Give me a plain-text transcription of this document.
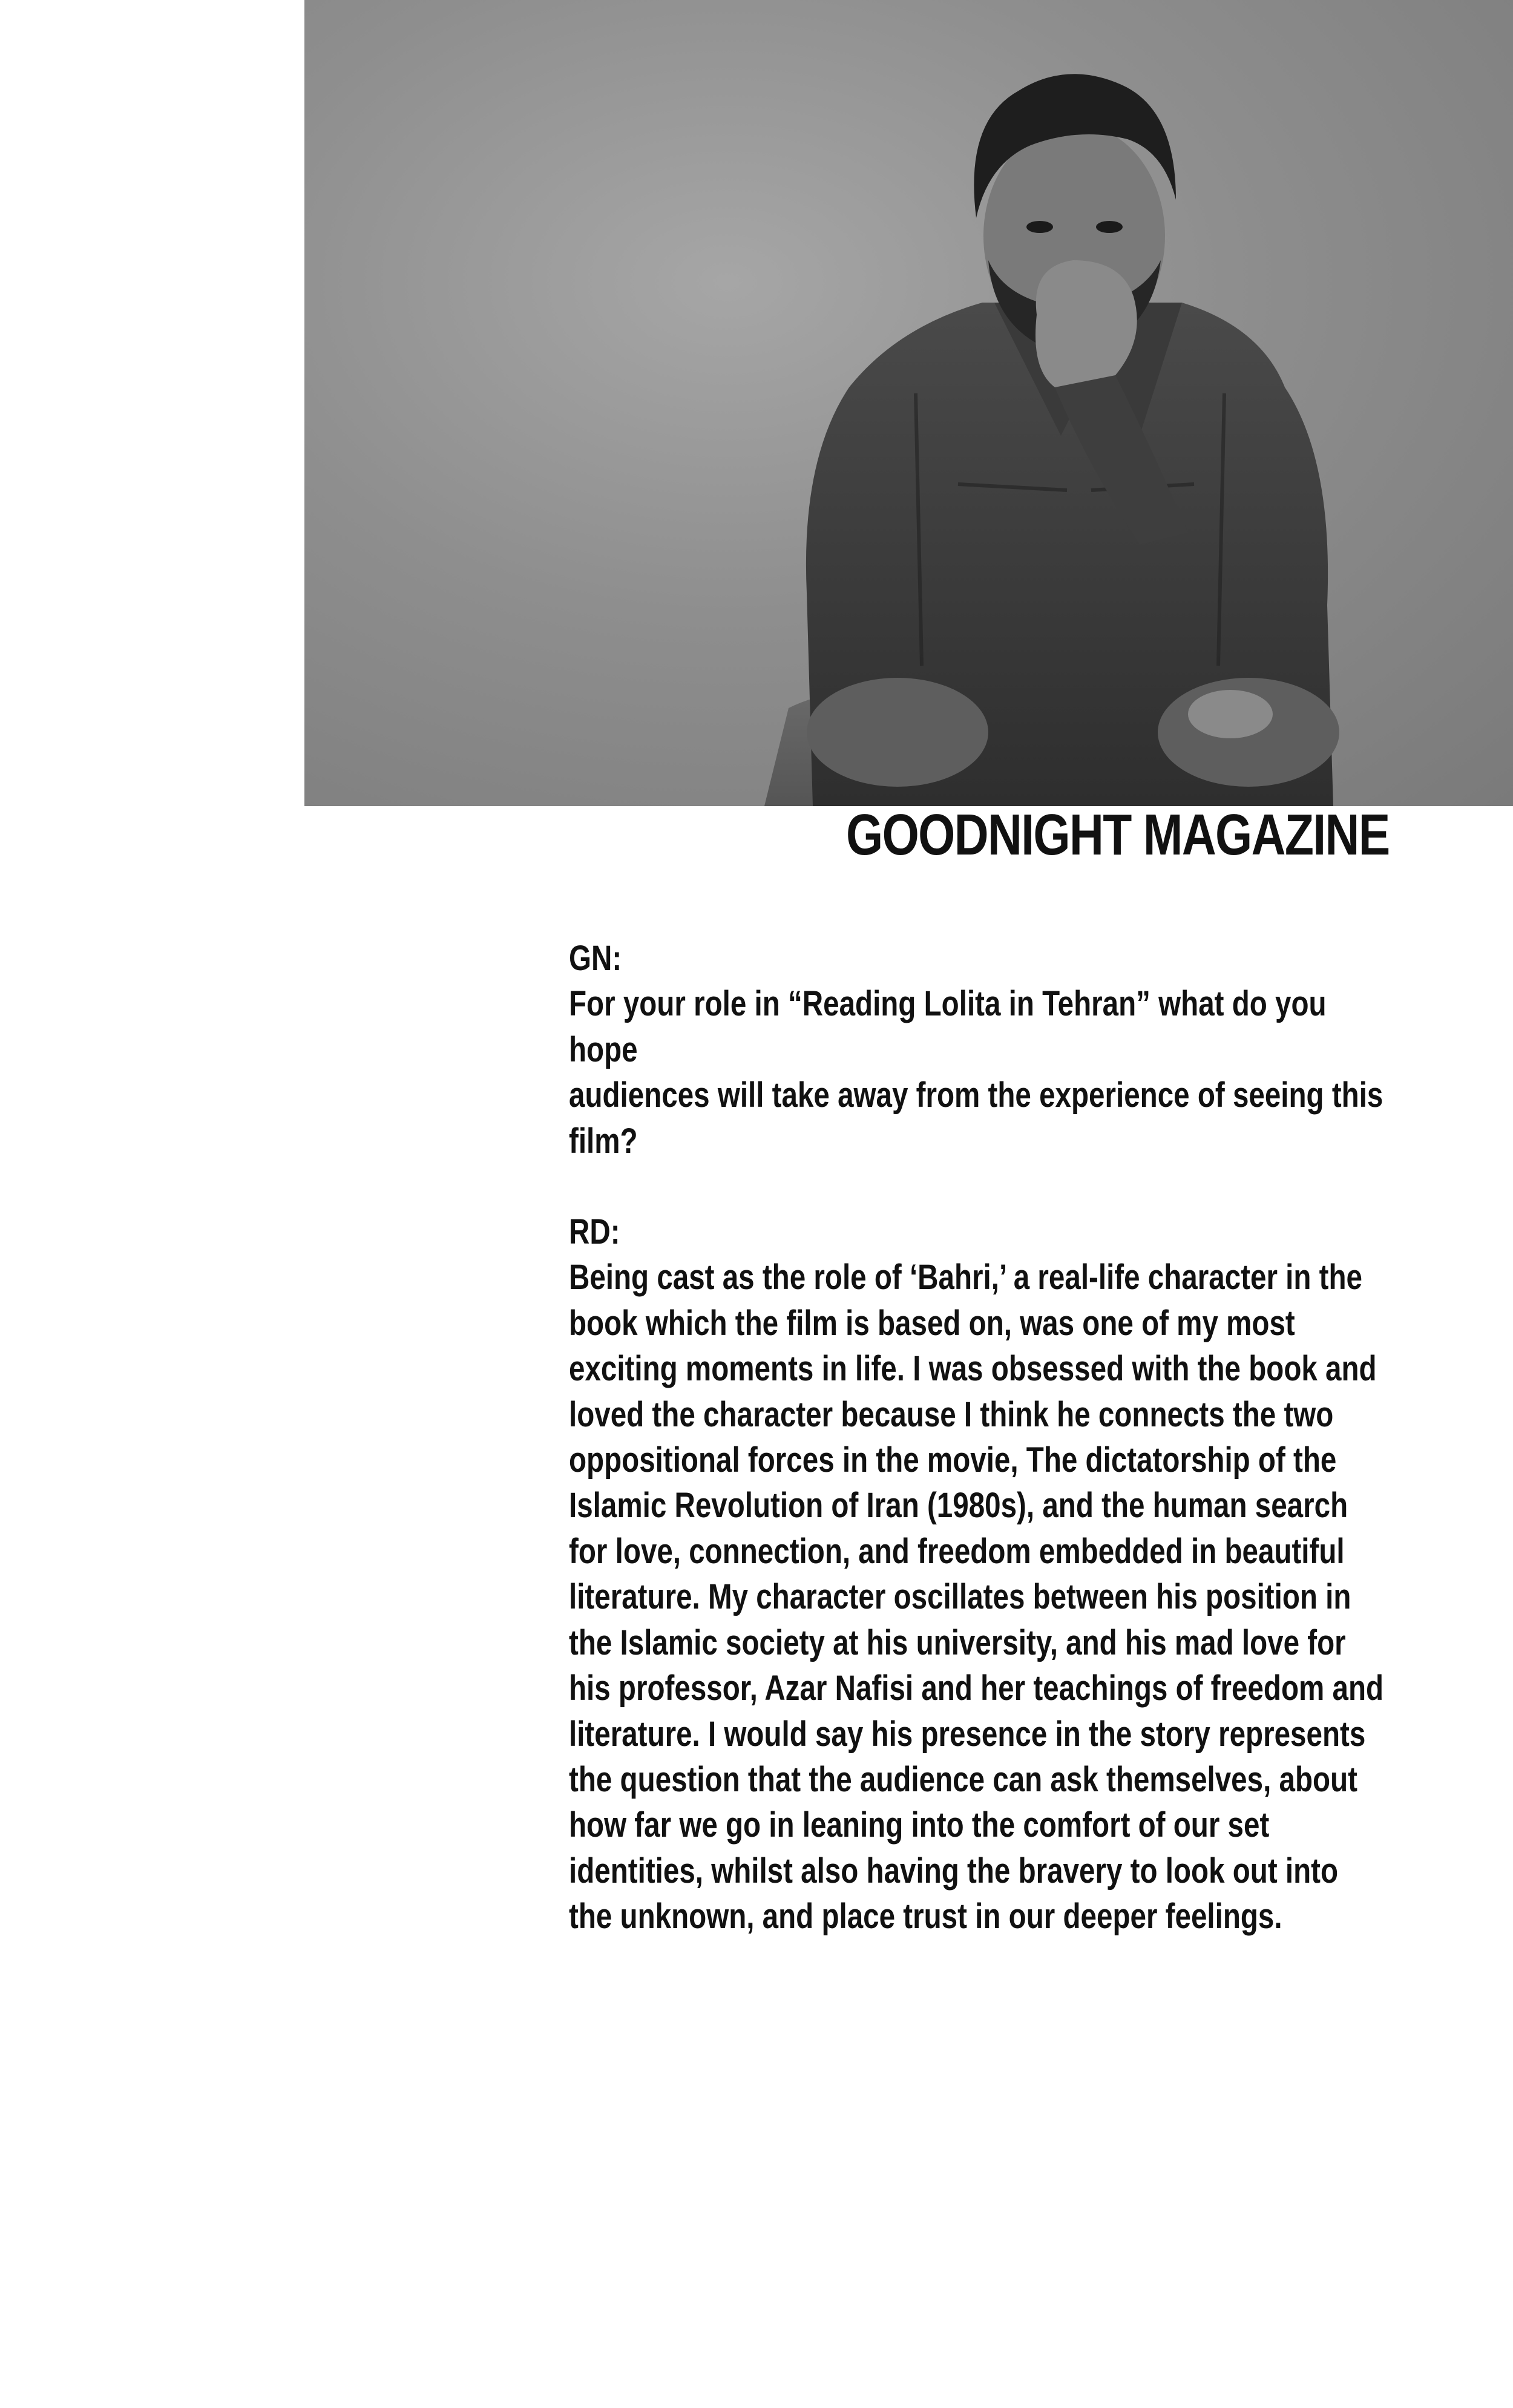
GOODNIGHT MAGAZINE

GN:

For your role in “Reading Lolita in Tehran” what do you
hope
audiences will take away from the experience of seeing this
film?

RD:

Being cast as the role of ‘Bahri,’ a real-life character in the
book which the film is based on, was one of my most
exciting moments in life. I was obsessed with the book and
loved the character because I think he connects the two
oppositional forces in the movie, The dictatorship of the
Islamic Revolution of Iran (1980s), and the human search
for love, connection, and freedom embedded in beautiful
literature. My character oscillates between his position in
the Islamic society at his university, and his mad love for
his professor, Azar Nafisi and her teachings of freedom and
literature. I would say his presence in the story represents
the question that the audience can ask themselves, about
how far we go in leaning into the comfort of our set
identities, whilst also having the bravery to look out into
the unknown, and place trust in our deeper feelings.
